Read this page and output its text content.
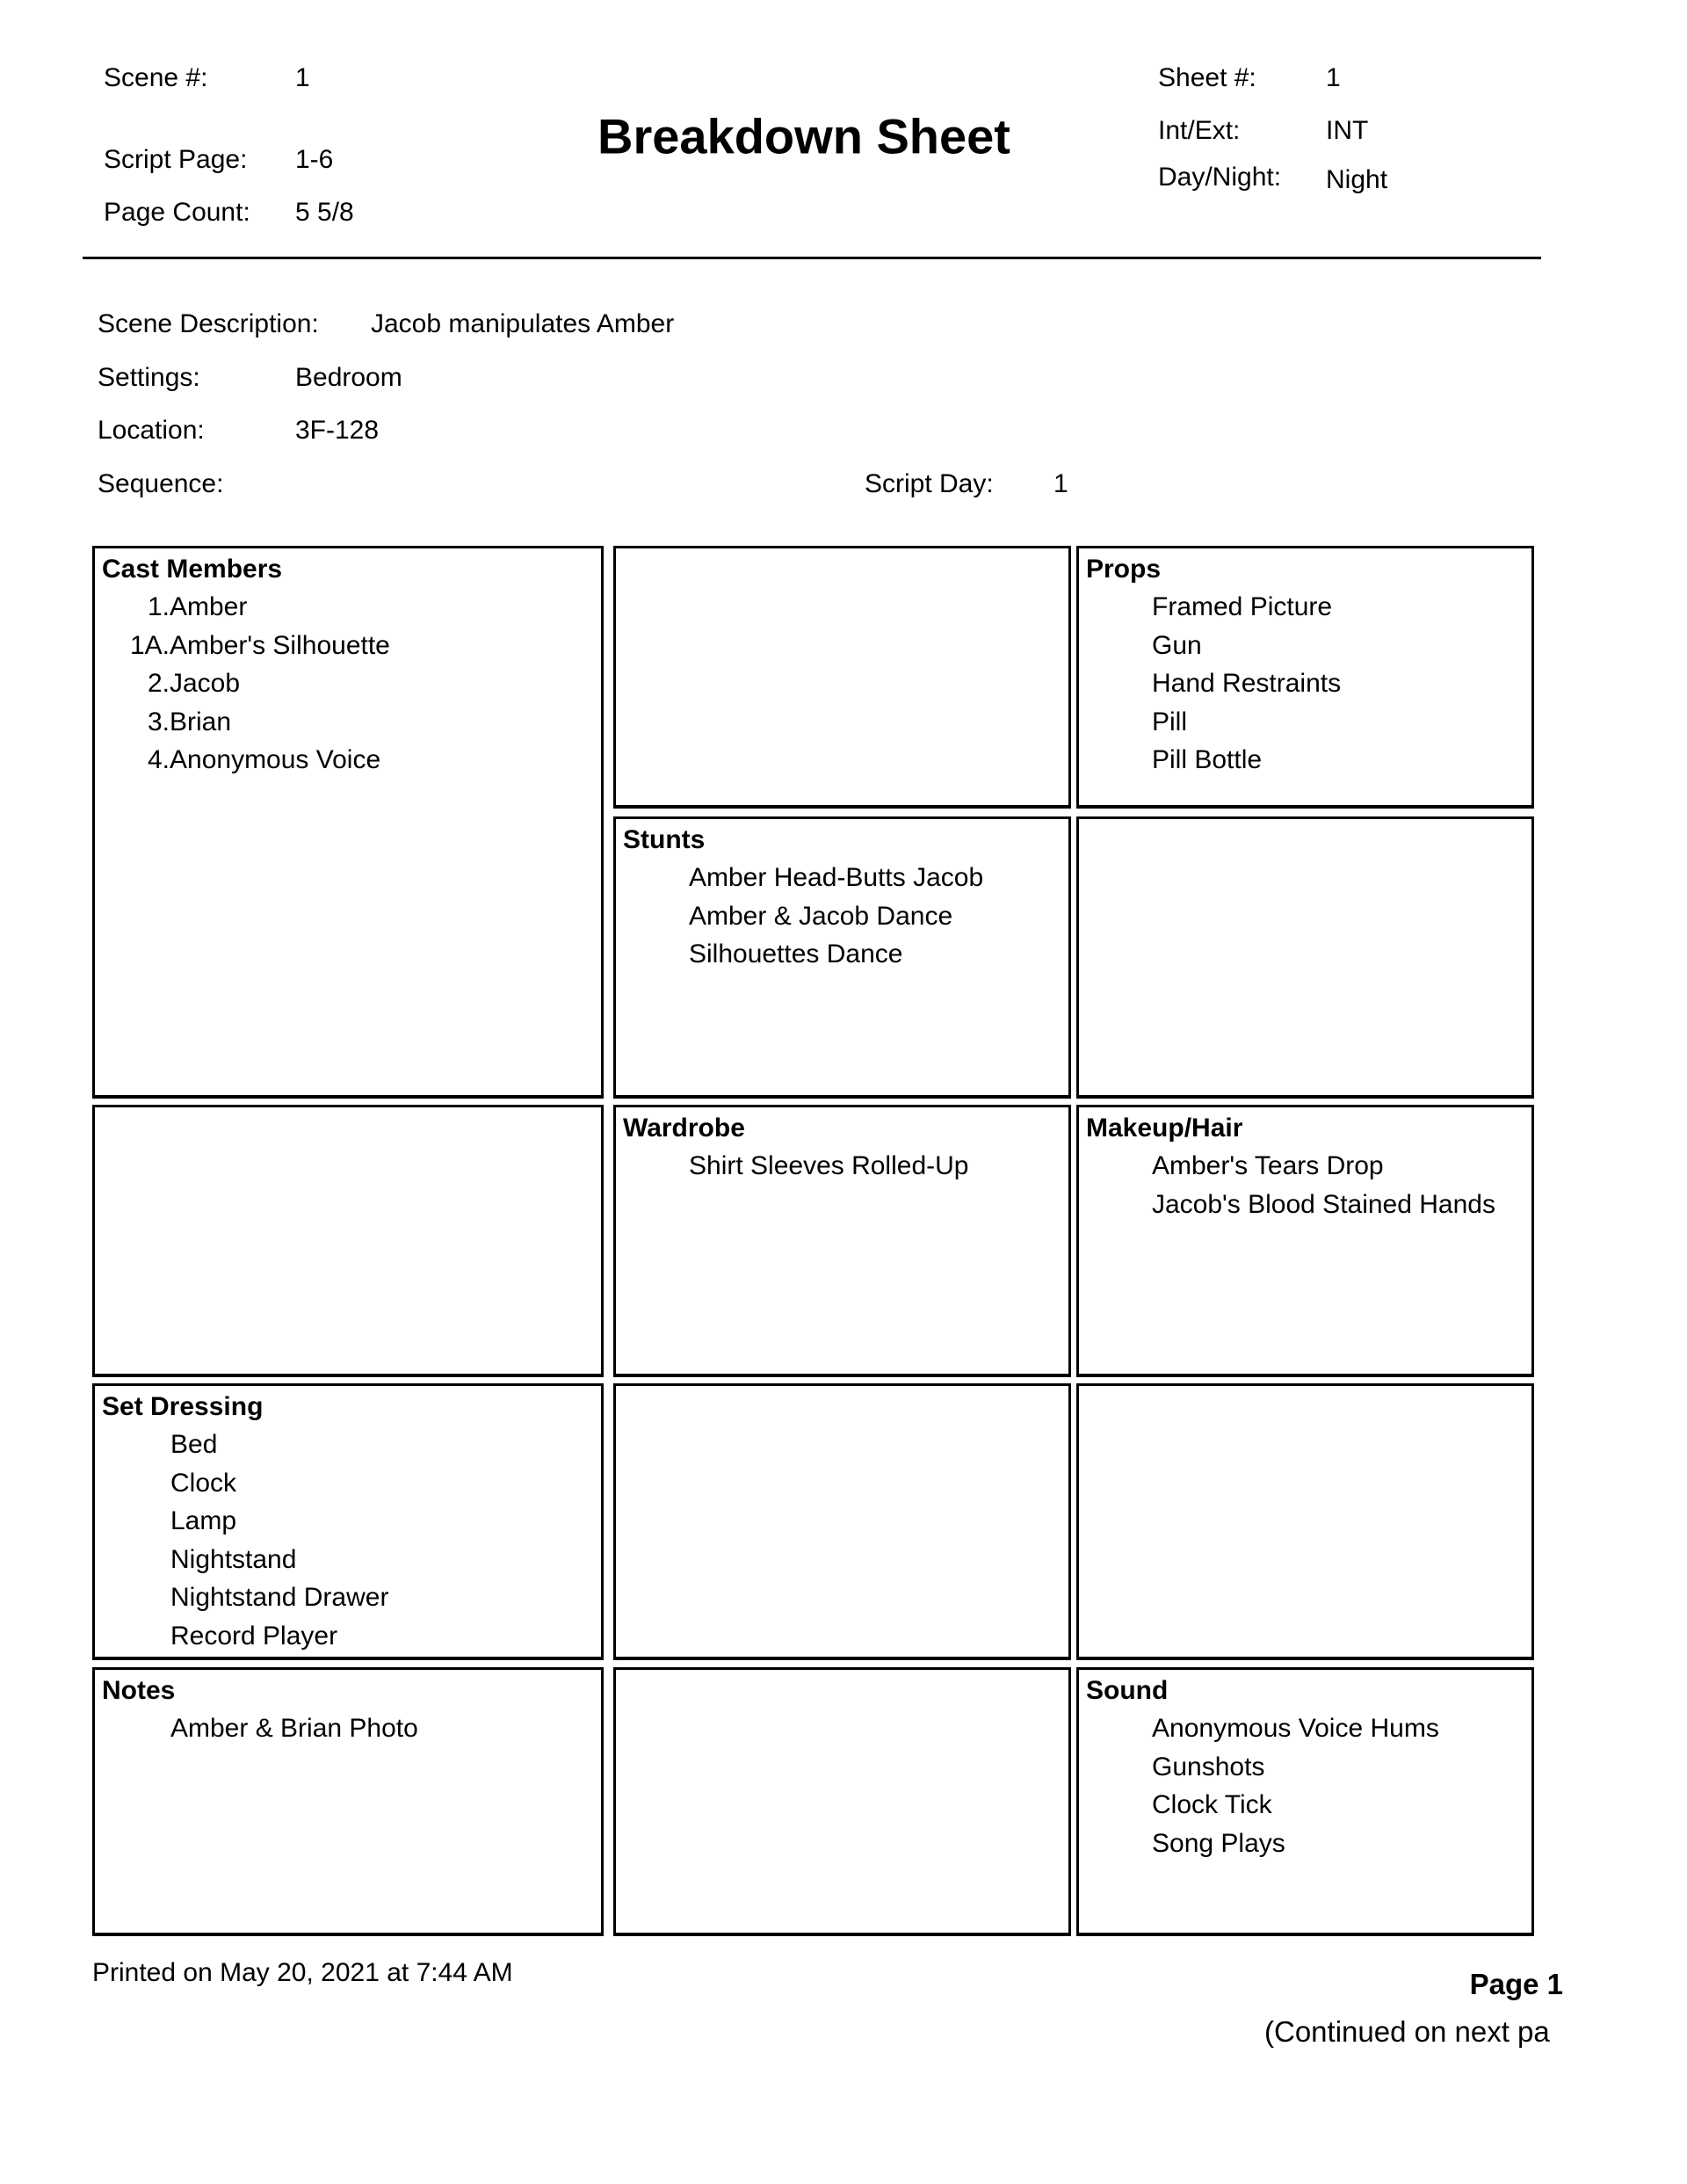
Scene #:	1
Script Page: 1-6
Page Count: 5 5/8
Breakdown Sheet
Sheet #:	1
Int/Ext:	INT
Day/Night: Night
Scene Description: Jacob manipulates Amber
Settings:	Bedroom
Location:	3F-128
Sequence:	Script Day: 1
Cast Members
1. Amber
1A. Amber's Silhouette
2. Jacob
3. Brian
4. Anonymous Voice
Props
Framed Picture
Gun
Hand Restraints
Pill
Pill Bottle
Stunts
Amber Head-Butts Jacob
Amber & Jacob Dance
Silhouettes Dance
Wardrobe
Shirt Sleeves Rolled-Up
Makeup/Hair
Amber's Tears Drop
Jacob's Blood Stained Hands
Set Dressing
Bed
Clock
Lamp
Nightstand
Nightstand Drawer
Record Player
Notes
Amber & Brian Photo
Sound
Anonymous Voice Hums
Gunshots
Clock Tick
Song Plays
Printed on May 20, 2021 at 7:44 AM	Page 1
(Continued on next pa
